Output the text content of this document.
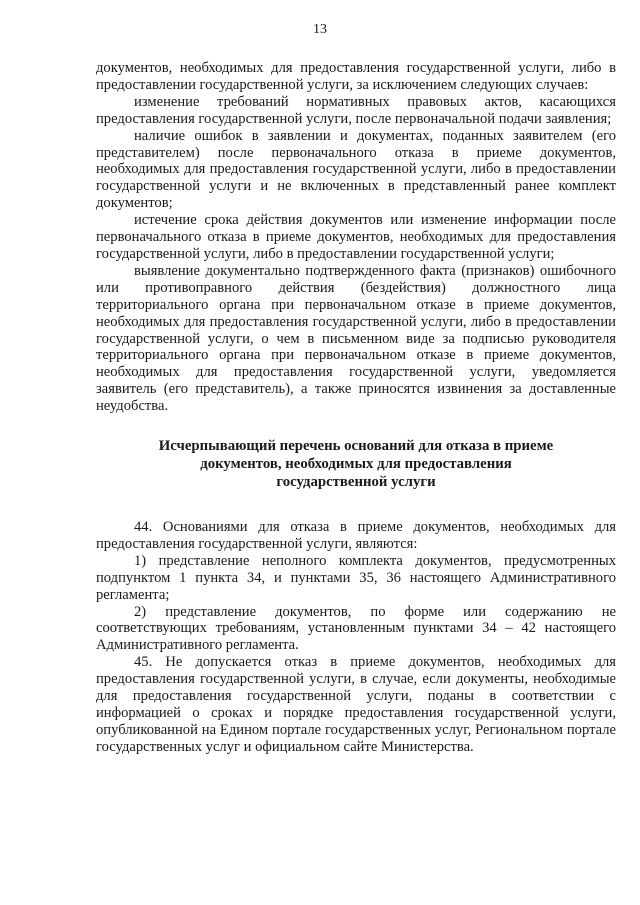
13

документов, необходимых для предоставления государственной услуги, либо в предоставлении государственной услуги, за исключением следующих случаев:

изменение требований нормативных правовых актов, касающихся предоставления государственной услуги, после первоначальной подачи заявления;

наличие ошибок в заявлении и документах, поданных заявителем (его представителем) после первоначального отказа в приеме документов, необходимых для предоставления государственной услуги, либо в предоставлении государственной услуги и не включенных в представленный ранее комплект документов;

истечение срока действия документов или изменение информации после первоначального отказа в приеме документов, необходимых для предоставления государственной услуги, либо в предоставлении государственной услуги;

выявление документально подтвержденного факта (признаков) ошибочного или противоправного действия (бездействия) должностного лица территориального органа при первоначальном отказе в приеме документов, необходимых для предоставления государственной услуги, либо в предоставлении государственной услуги, о чем в письменном виде за подписью руководителя территориального органа при первоначальном отказе в приеме документов, необходимых для предоставления государственной услуги, уведомляется заявитель (его представитель), а также приносятся извинения за доставленные неудобства.

Исчерпывающий перечень оснований для отказа в приеме
документов, необходимых для предоставления
государственной услуги

44. Основаниями для отказа в приеме документов, необходимых для предоставления государственной услуги, являются:

1) представление неполного комплекта документов, предусмотренных подпунктом 1 пункта 34, и пунктами 35, 36 настоящего Административного регламента;

2) представление документов, по форме или содержанию не соответствующих требованиям, установленным пунктами 34 – 42 настоящего Административного регламента.

45. Не допускается отказ в приеме документов, необходимых для предоставления государственной услуги, в случае, если документы, необходимые для предоставления государственной услуги, поданы в соответствии с информацией о сроках и порядке предоставления государственной услуги, опубликованной на Едином портале государственных услуг, Региональном портале государственных услуг и официальном сайте Министерства.
